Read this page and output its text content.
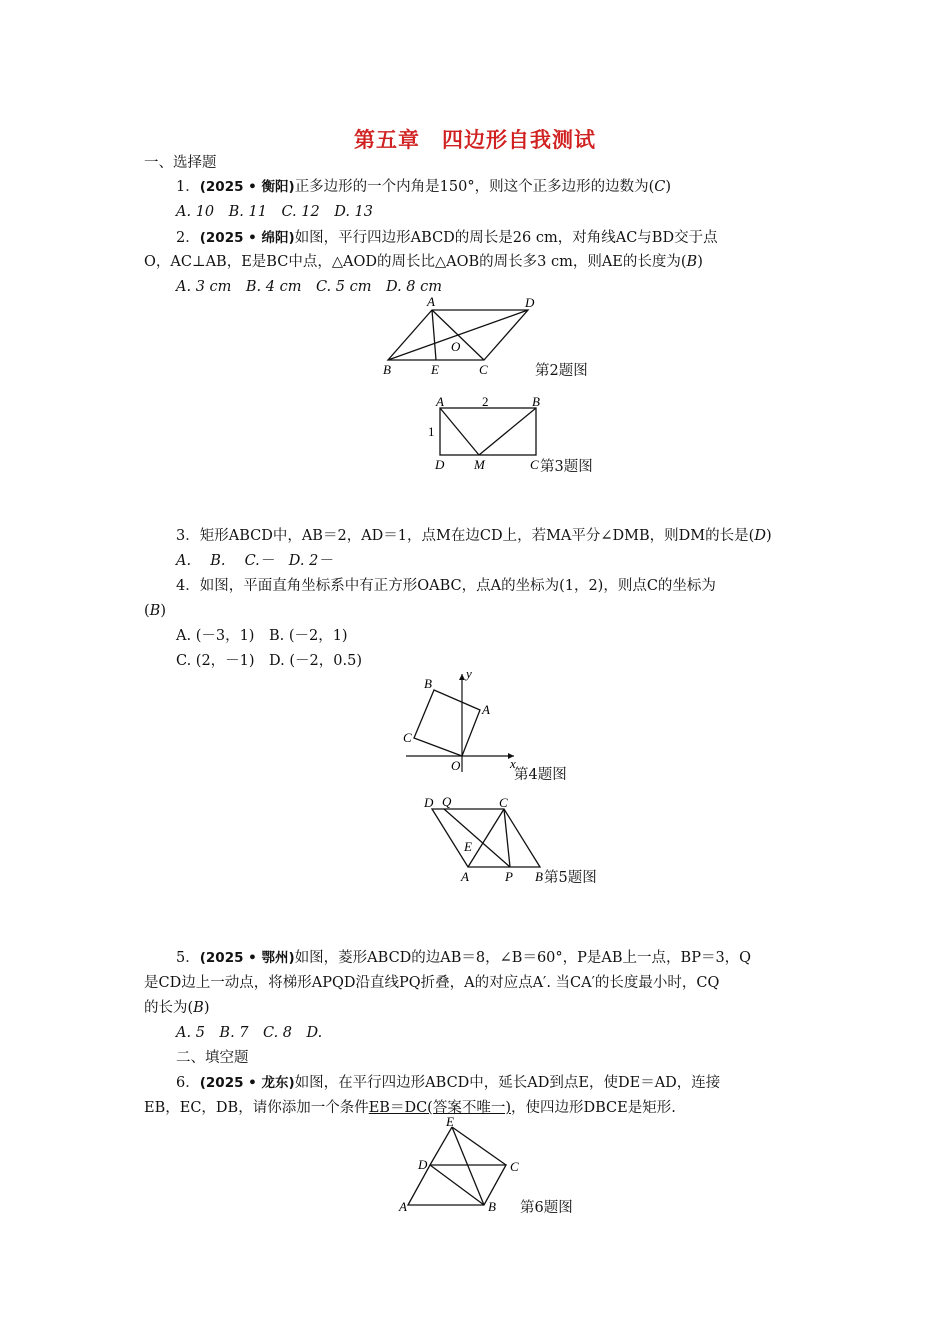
第五章　四边形自我测试
一、选择题
1．(2025 • 衡阳)正多边形的一个内角是150°，则这个正多边形的边数为(C)
A. 10　B. 11　C. 12　D. 13
2．(2025 • 绵阳)如图，平行四边形ABCD的周长是26 cm，对角线AC与BD交于点
O，AC⊥AB，E是BC中点，△AOD的周长比△AOB的周长多3 cm，则AE的长度为(B)
A. 3 cm　B. 4 cm　C. 5 cm　D. 8 cm
A	D
B	E	C
O
第2题图
A	B
D M	C
2
1
第3题图
3．矩形ABCD中，AB＝2，AD＝1，点M在边CD上，若MA平分∠DMB，则DM的长是(D)
A. 　B. 　C.－　D. 2－
4．如图，平面直角坐标系中有正方形OABC，点A的坐标为(1，2)，则点C的坐标为
(B)
A. (－3，1)　B. (－2，1)
C. (2，－1)　D. (－2，0.5)
y
x
B
A
C
O
第4题图
D Q	C
E
A	P B 第5题图
5．(2025 • 鄂州)如图，菱形ABCD的边AB＝8，∠B＝60°，P是AB上一点，BP＝3，Q
是CD边上一动点，将梯形APQD沿直线PQ折叠，A的对应点A′. 当CA′的长度最小时，CQ
的长为(B)
A. 5　B. 7　C. 8　D.
二、填空题
6．(2025 • 龙东)如图，在平行四边形ABCD中，延长AD到点E，使DE＝AD，连接
EB，EC，DB，请你添加一个条件EB＝DC(答案不唯一)，使四边形DBCE是矩形.
E
D	C
A	B 第6题图
